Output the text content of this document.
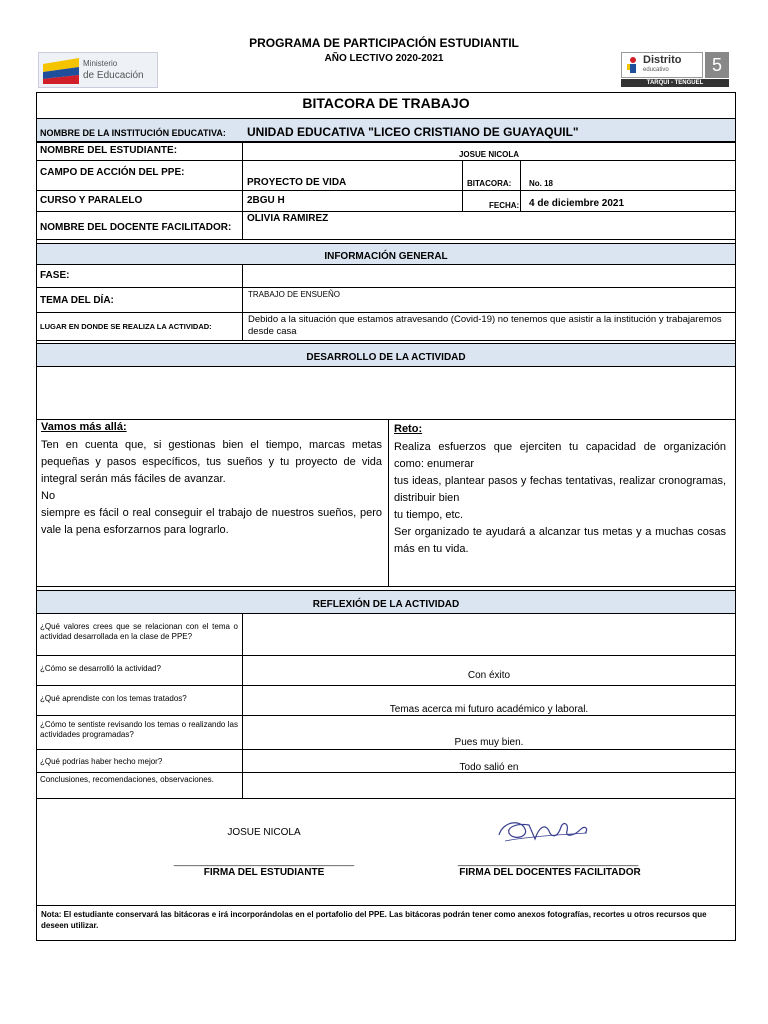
PROGRAMA DE PARTICIPACIÓN ESTUDIANTIL
AÑO LECTIVO 2020-2021
Ministerio
de Educación
Distrito
educativo	5
TARQUI - TENGUEL
BITACORA DE TRABAJO
NOMBRE DE LA INSTITUCIÓN EDUCATIVA: UNIDAD EDUCATIVA "LICEO CRISTIANO DE GUAYAQUIL"
NOMBRE DEL ESTUDIANTE:	JOSUE NICOLA
CAMPO DE ACCIÓN DEL PPE:
PROYECTO DE VIDA	BITACORA: No. 18
CURSO Y PARALELO	2BGU H	FECHA: 4 de diciembre 2021
NOMBRE DEL DOCENTE FACILITADOR:
OLIVIA RAMIREZ
INFORMACIÓN GENERAL
FASE:
TEMA DEL DÍA:
TRABAJO DE ENSUEÑO
LUGAR EN DONDE SE REALIZA LA ACTIVIDAD:
Debido a la situación que estamos atravesando (Covid-19) no tenemos que asistir a la institución y trabajaremos desde casa
DESARROLLO DE LA ACTIVIDAD
Vamos más allá:
Ten en cuenta que, si gestionas bien el tiempo, marcas metas pequeñas y pasos específicos, tus sueños y tu proyecto de vida integral serán más fáciles de avanzar.
No
siempre es fácil o real conseguir el trabajo de nuestros sueños, pero vale la pena esforzarnos para lograrlo.
Reto:
Realiza esfuerzos que ejerciten tu capacidad de organización como: enumerar
tus ideas, plantear pasos y fechas tentativas, realizar cronogramas, distribuir bien
tu tiempo, etc.
Ser organizado te ayudará a alcanzar tus metas y a muchas cosas más en tu vida.
REFLEXIÓN DE LA ACTIVIDAD
¿Qué valores crees que se relacionan con el tema o actividad desarrollada en la clase de PPE?
¿Cómo se desarrolló la actividad?
Con éxito
¿Qué aprendiste con los temas tratados?
Temas acerca mi futuro académico y laboral.
¿Cómo te sentiste revisando los temas o realizando las actividades programadas?
Pues muy bien.
¿Qué podrías haber hecho mejor?
Todo salió en
Conclusiones, recomendaciones, observaciones.
JOSUE NICOLA
____________________________________	____________________________________
FIRMA DEL ESTUDIANTE	FIRMA DEL DOCENTES FACILITADOR
Nota: El estudiante conservará las bitácoras e irá incorporándolas en el portafolio del PPE. Las bitácoras podrán tener como anexos fotografías, recortes u otros recursos que deseen utilizar.
